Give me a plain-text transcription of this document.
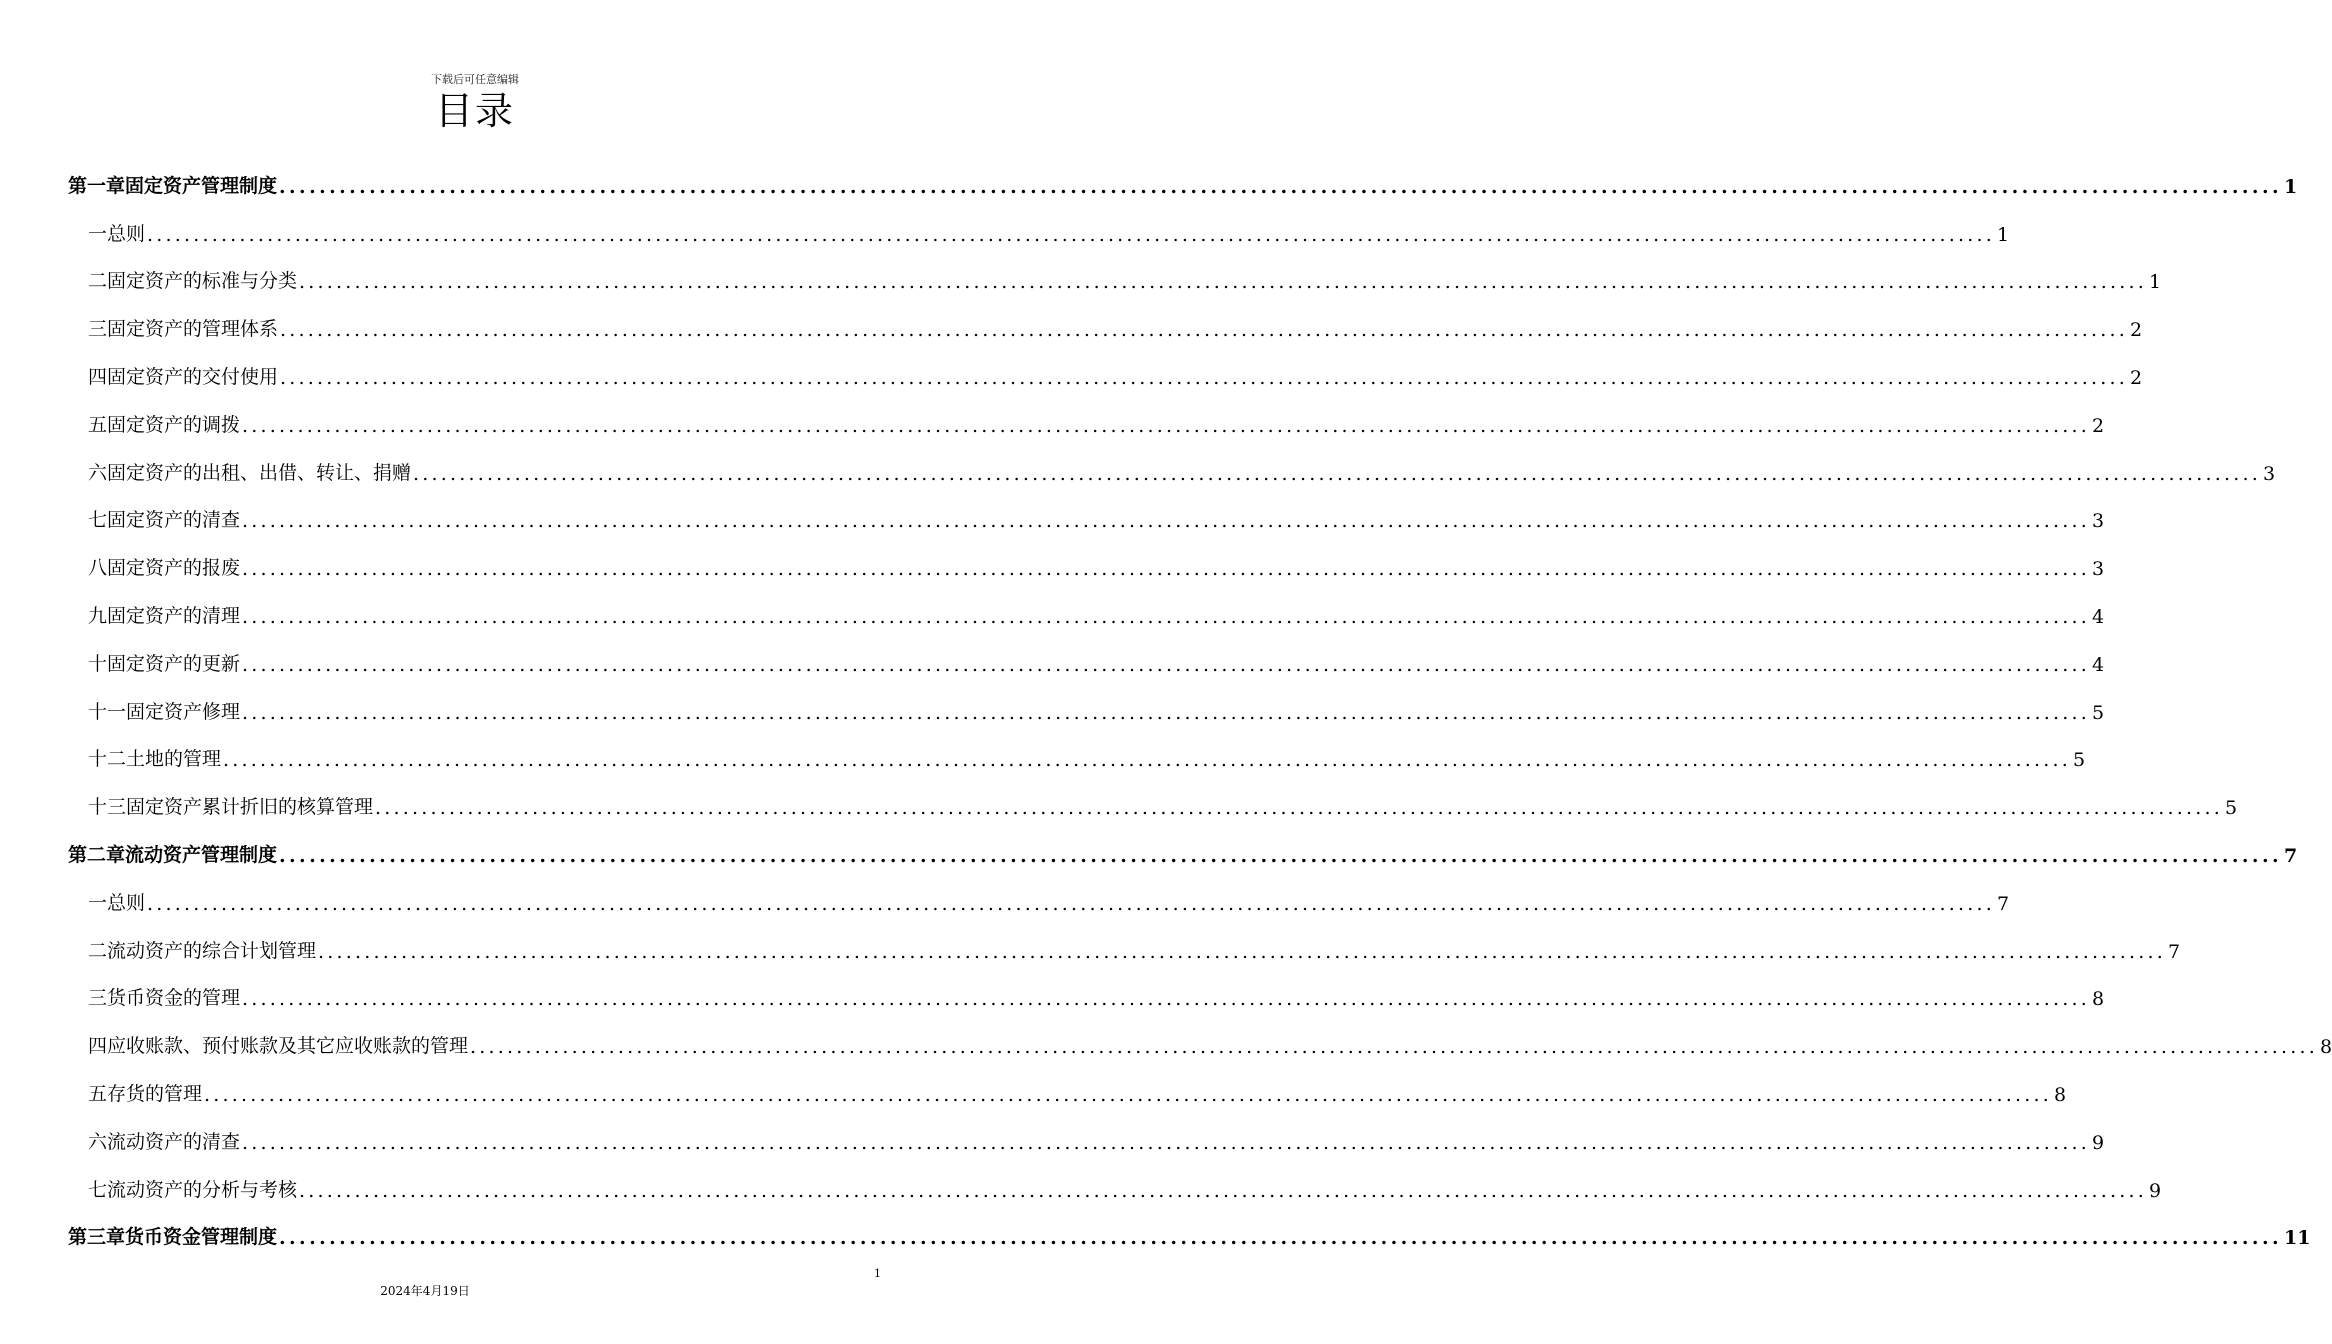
下载后可任意编辑
目录
第一章 固定资产管理制度 ........................................................................................................................................................................................................ 1
一 总则 ........................................................................................................................................................................................................ 1
二 固定资产的标准与分类 ........................................................................................................................................................................................................ 1
三 固定资产的管理体系 ........................................................................................................................................................................................................ 2
四 固定资产的交付使用 ........................................................................................................................................................................................................ 2
五 固定资产的调拨 ........................................................................................................................................................................................................ 2
六 固定资产的出租、出借、转让、捐赠 ........................................................................................................................................................................................................ 3
七 固定资产的清查 ........................................................................................................................................................................................................ 3
八 固定资产的报废 ........................................................................................................................................................................................................ 3
九 固定资产的清理 ........................................................................................................................................................................................................ 4
十 固定资产的更新 ........................................................................................................................................................................................................ 4
十一 固定资产修理 ........................................................................................................................................................................................................ 5
十二 土地的管理 ........................................................................................................................................................................................................ 5
十三 固定资产累计折旧的核算管理 ........................................................................................................................................................................................................ 5
第二章 流动资产管理制度 ........................................................................................................................................................................................................ 7
一 总则 ........................................................................................................................................................................................................ 7
二 流动资产的综合计划管理 ........................................................................................................................................................................................................ 7
三 货币资金的管理 ........................................................................................................................................................................................................ 8
四 应收账款、预付账款及其它应收账款的管理 ........................................................................................................................................................................................................ 8
五 存货的管理 ........................................................................................................................................................................................................ 8
六 流动资产的清查 ........................................................................................................................................................................................................ 9
七 流动资产的分析与考核 ........................................................................................................................................................................................................ 9
第三章 货币资金管理制度 ........................................................................................................................................................................................................ 11
1
2024年4月19日
